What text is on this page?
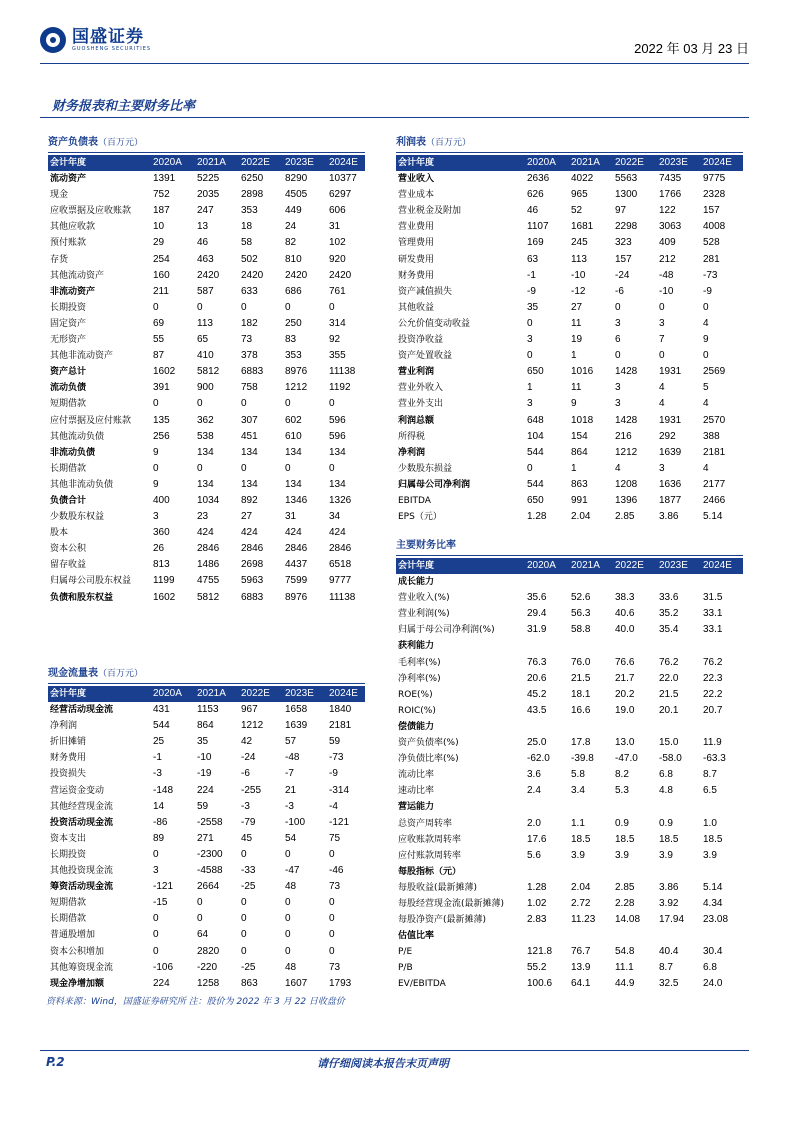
国盛证券
GUOSHENG SECURITIES	2022 年 03 月 23 日
财务报表和主要财务比率
资产负债表（百万元）
会计年度	2020A	2021A	2022E	2023E	2024E
流动资产	1391	5225	6250	8290	10377
现金	752	2035	2898	4505	6297
应收票据及应收账款	187	247	353	449	606
其他应收款	10	13	18	24	31
预付账款	29	46	58	82	102
存货	254	463	502	810	920
其他流动资产	160	2420	2420	2420	2420
非流动资产	211	587	633	686	761
长期投资	0	0	0	0	0
固定资产	69	113	182	250	314
无形资产	55	65	73	83	92
其他非流动资产	87	410	378	353	355
资产总计	1602	5812	6883	8976	11138
流动负债	391	900	758	1212	1192
短期借款	0	0	0	0	0
应付票据及应付账款	135	362	307	602	596
其他流动负债	256	538	451	610	596
非流动负债	9	134	134	134	134
长期借款	0	0	0	0	0
其他非流动负债	9	134	134	134	134
负债合计	400	1034	892	1346	1326
少数股东权益	3	23	27	31	34
股本	360	424	424	424	424
资本公积	26	2846	2846	2846	2846
留存收益	813	1486	2698	4437	6518
归属母公司股东权益	1199	4755	5963	7599	9777
负债和股东权益	1602	5812	6883	8976	11138
利润表（百万元）
会计年度	2020A	2021A	2022E	2023E	2024E
营业收入	2636	4022	5563	7435	9775
营业成本	626	965	1300	1766	2328
营业税金及附加	46	52	97	122	157
营业费用	1107	1681	2298	3063	4008
管理费用	169	245	323	409	528
研发费用	63	113	157	212	281
财务费用	-1	-10	-24	-48	-73
资产减值损失	-9	-12	-6	-10	-9
其他收益	35	27	0	0	0
公允价值变动收益	0	11	3	3	4
投资净收益	3	19	6	7	9
资产处置收益	0	1	0	0	0
营业利润	650	1016	1428	1931	2569
营业外收入	1	11	3	4	5
营业外支出	3	9	3	4	4
利润总额	648	1018	1428	1931	2570
所得税	104	154	216	292	388
净利润	544	864	1212	1639	2181
少数股东损益	0	1	4	3	4
归属母公司净利润	544	863	1208	1636	2177
EBITDA	650	991	1396	1877	2466
EPS（元）	1.28	2.04	2.85	3.86	5.14
主要财务比率
会计年度	2020A	2021A	2022E	2023E	2024E
成长能力					
营业收入(%)	35.6	52.6	38.3	33.6	31.5
营业利润(%)	29.4	56.3	40.6	35.2	33.1
归属于母公司净利润(%)	31.9	58.8	40.0	35.4	33.1
获利能力					
毛利率(%)	76.3	76.0	76.6	76.2	76.2
净利率(%)	20.6	21.5	21.7	22.0	22.3
ROE(%)	45.2	18.1	20.2	21.5	22.2
ROIC(%)	43.5	16.6	19.0	20.1	20.7
偿债能力					
资产负债率(%)	25.0	17.8	13.0	15.0	11.9
净负债比率(%)	-62.0	-39.8	-47.0	-58.0	-63.3
流动比率	3.6	5.8	8.2	6.8	8.7
速动比率	2.4	3.4	5.3	4.8	6.5
营运能力					
总资产周转率	2.0	1.1	0.9	0.9	1.0
应收账款周转率	17.6	18.5	18.5	18.5	18.5
应付账款周转率	5.6	3.9	3.9	3.9	3.9
每股指标（元）					
每股收益(最新摊薄)	1.28	2.04	2.85	3.86	5.14
每股经营现金流(最新摊薄)	1.02	2.72	2.28	3.92	4.34
每股净资产(最新摊薄)	2.83	11.23	14.08	17.94	23.08
估值比率					
P/E	121.8	76.7	54.8	40.4	30.4
P/B	55.2	13.9	11.1	8.7	6.8
EV/EBITDA	100.6	64.1	44.9	32.5	24.0
现金流量表（百万元）
会计年度	2020A	2021A	2022E	2023E	2024E
经营活动现金流	431	1153	967	1658	1840
净利润	544	864	1212	1639	2181
折旧摊销	25	35	42	57	59
财务费用	-1	-10	-24	-48	-73
投资损失	-3	-19	-6	-7	-9
营运资金变动	-148	224	-255	21	-314
其他经营现金流	14	59	-3	-3	-4
投资活动现金流	-86	-2558	-79	-100	-121
资本支出	89	271	45	54	75
长期投资	0	-2300	0	0	0
其他投资现金流	3	-4588	-33	-47	-46
筹资活动现金流	-121	2664	-25	48	73
短期借款	-15	0	0	0	0
长期借款	0	0	0	0	0
普通股增加	0	64	0	0	0
资本公积增加	0	2820	0	0	0
其他筹资现金流	-106	-220	-25	48	73
现金净增加额	224	1258	863	1607	1793
资料来源：Wind，国盛证券研究所 注：股价为 2022 年 3 月 22 日收盘价
P.2	请仔细阅读本报告末页声明
